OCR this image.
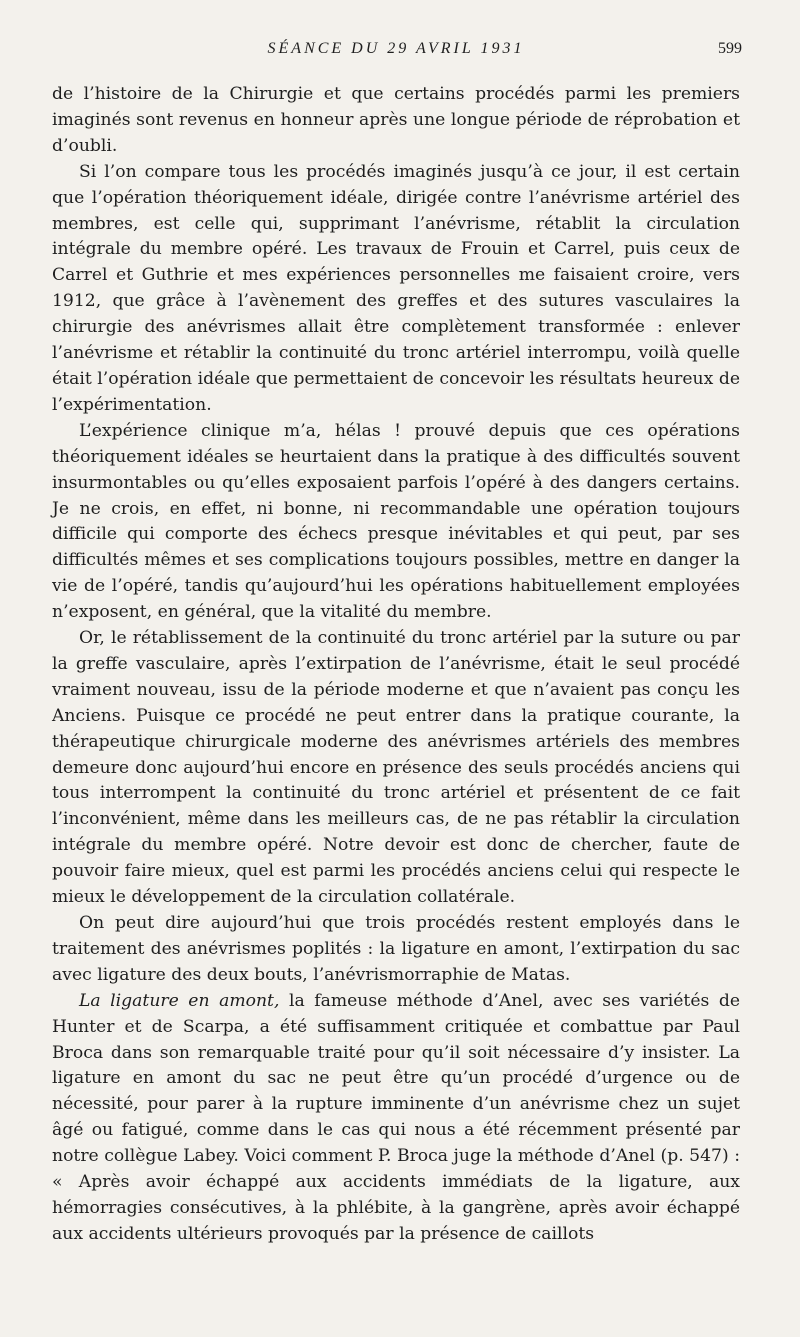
SÉANCE DU 29 AVRIL 1931	599

de l’histoire de la Chirurgie et que certains procédés parmi les premiers imaginés sont revenus en honneur après une longue période de réprobation et d’oubli.

Si l’on compare tous les procédés imaginés jusqu’à ce jour, il est certain que l’opération théoriquement idéale, dirigée contre l’anévrisme artériel des membres, est celle qui, supprimant l’anévrisme, rétablit la circulation intégrale du membre opéré. Les travaux de Frouin et Carrel, puis ceux de Carrel et Guthrie et mes expériences personnelles me faisaient croire, vers 1912, que grâce à l’avènement des greffes et des sutures vasculaires la chirurgie des anévrismes allait être complètement transformée : enlever l’anévrisme et rétablir la continuité du tronc artériel interrompu, voilà quelle était l’opération idéale que permettaient de concevoir les résultats heureux de l’expérimentation.

L’expérience clinique m’a, hélas ! prouvé depuis que ces opérations théoriquement idéales se heurtaient dans la pratique à des difficultés souvent insurmontables ou qu’elles exposaient parfois l’opéré à des dangers certains. Je ne crois, en effet, ni bonne, ni recommandable une opération toujours difficile qui comporte des échecs presque inévitables et qui peut, par ses difficultés mêmes et ses complications toujours possibles, mettre en danger la vie de l’opéré, tandis qu’aujourd’hui les opérations habituellement employées n’exposent, en général, que la vitalité du membre.

Or, le rétablissement de la continuité du tronc artériel par la suture ou par la greffe vasculaire, après l’extirpation de l’anévrisme, était le seul procédé vraiment nouveau, issu de la période moderne et que n’avaient pas conçu les Anciens. Puisque ce procédé ne peut entrer dans la pratique courante, la thérapeutique chirurgicale moderne des anévrismes artériels des membres demeure donc aujourd’hui encore en présence des seuls procédés anciens qui tous interrompent la continuité du tronc artériel et présentent de ce fait l’inconvénient, même dans les meilleurs cas, de ne pas rétablir la circulation intégrale du membre opéré. Notre devoir est donc de chercher, faute de pouvoir faire mieux, quel est parmi les procédés anciens celui qui respecte le mieux le développement de la circulation collatérale.

On peut dire aujourd’hui que trois procédés restent employés dans le traitement des anévrismes poplités : la ligature en amont, l’extirpation du sac avec ligature des deux bouts, l’anévrismorraphie de Matas.

La ligature en amont, la fameuse méthode d’Anel, avec ses variétés de Hunter et de Scarpa, a été suffisamment critiquée et combattue par Paul Broca dans son remarquable traité pour qu’il soit nécessaire d’y insister. La ligature en amont du sac ne peut être qu’un procédé d’urgence ou de nécessité, pour parer à la rupture imminente d’un anévrisme chez un sujet âgé ou fatigué, comme dans le cas qui nous a été récemment présenté par notre collègue Labey. Voici comment P. Broca juge la méthode d’Anel (p. 547) : « Après avoir échappé aux accidents immédiats de la ligature, aux hémorragies consécutives, à la phlébite, à la gangrène, après avoir échappé aux accidents ultérieurs provoqués par la présence de caillots
